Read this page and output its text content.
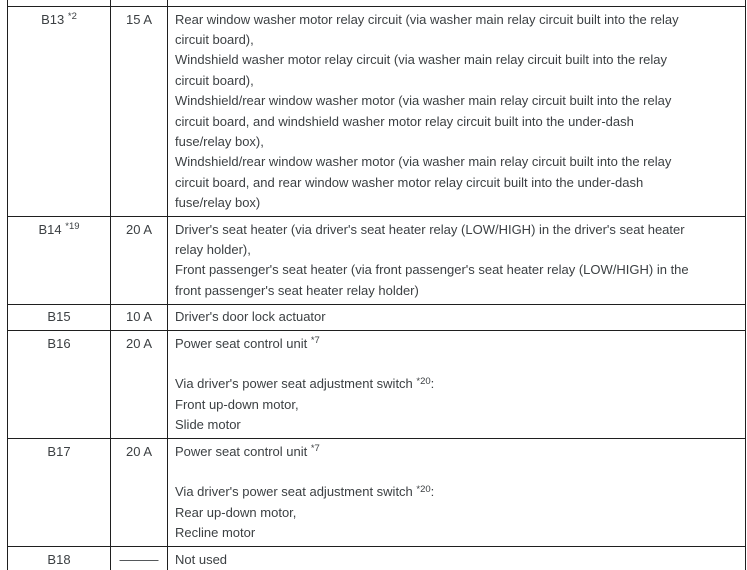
B13 $^{*2}$	15 A	Rear window washer motor relay circuit (via washer main relay circuit built into the relay
circuit board),
Windshield washer motor relay circuit (via washer main relay circuit built into the relay
circuit board),
Windshield/rear window washer motor (via washer main relay circuit built into the relay
circuit board, and windshield washer motor relay circuit built into the under-dash
fuse/relay box),
Windshield/rear window washer motor (via washer main relay circuit built into the relay
circuit board, and rear window washer motor relay circuit built into the under-dash
fuse/relay box)

B14 $^{*19}$	20 A	Driver's seat heater (via driver's seat heater relay (LOW/HIGH) in the driver's seat heater
relay holder),
Front passenger's seat heater (via front passenger's seat heater relay (LOW/HIGH) in the
front passenger's seat heater relay holder)

B15	10 A	Driver's door lock actuator

B16	20 A	Power seat control unit $^{*7}$

Via driver's power seat adjustment switch $^{*20}$:
Front up-down motor,
Slide motor

B17	20 A	Power seat control unit $^{*7}$

Via driver's power seat adjustment switch $^{*20}$:
Rear up-down motor,
Recline motor

B18	———	Not used
